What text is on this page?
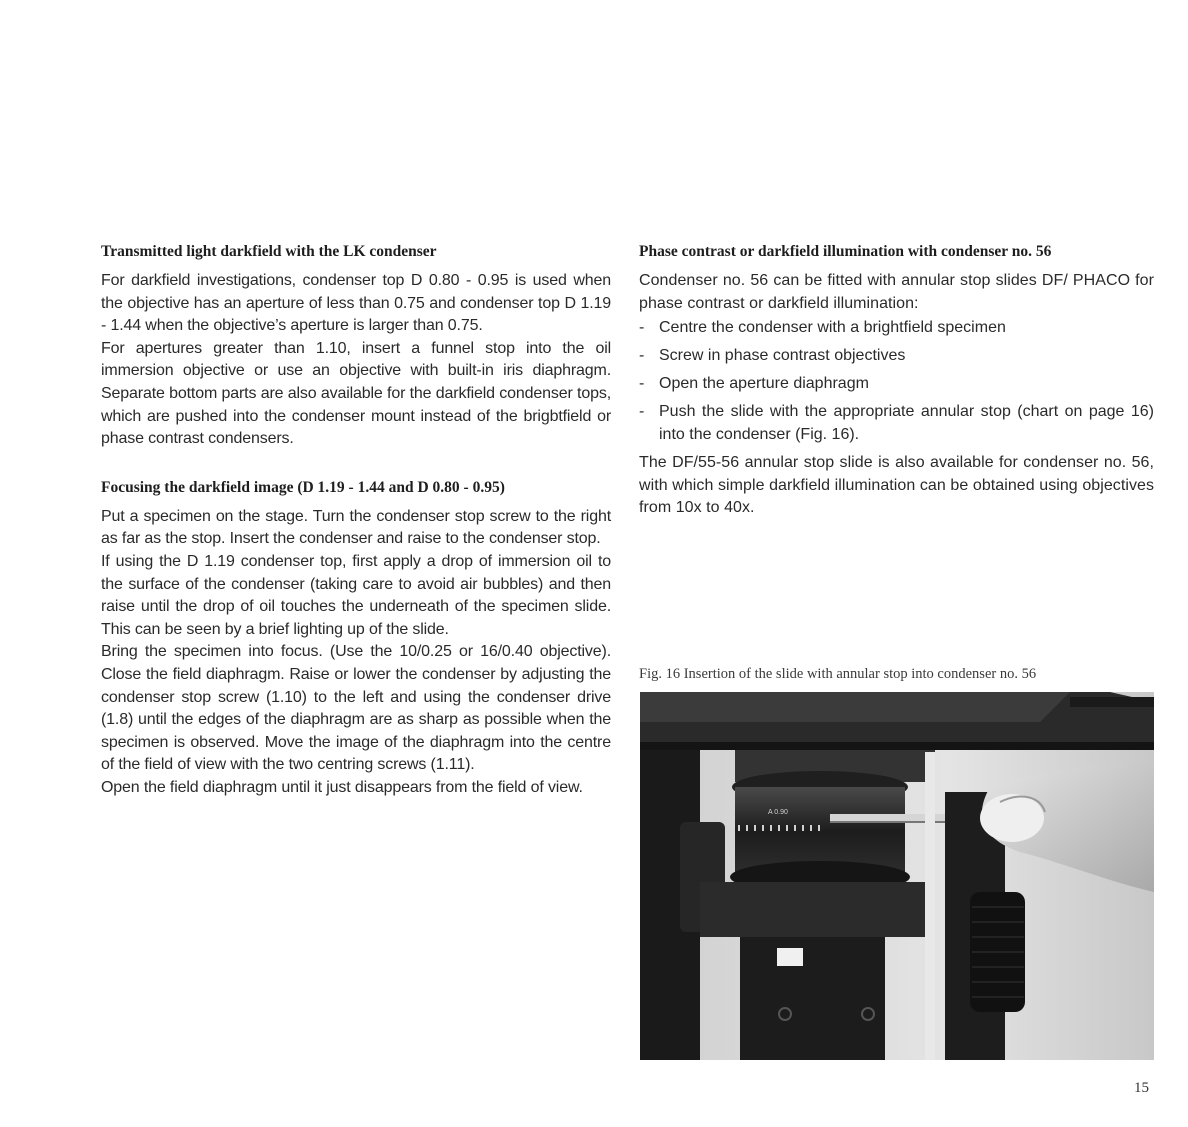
Transmitted light darkfield with the LK condenser

For darkfield investigations, condenser top D 0.80 - 0.95 is used when the objective has an aperture of less than 0.75 and condenser top D 1.19 - 1.44 when the objective’s aperture is larger than 0.75.

For apertures greater than 1.10, insert a funnel stop into the oil immersion objective or use an objective with built-in iris diaphragm. Separate bottom parts are also available for the darkfield condenser tops, which are pushed into the condenser mount instead of the brigbtfield or phase contrast condensers.

Focusing the darkfield image (D 1.19 - 1.44 and D 0.80 - 0.95)

Put a specimen on the stage. Turn the condenser stop screw to the right as far as the stop. Insert the condenser and raise to the condenser stop.

If using the D 1.19 condenser top, first apply a drop of immersion oil to the surface of the condenser (taking care to avoid air bubbles) and then raise until the drop of oil touches the underneath of the specimen slide. This can be seen by a brief lighting up of the slide.

Bring the specimen into focus. (Use the 10/0.25 or 16/0.40 objective). Close the field diaphragm. Raise or lower the condenser by adjusting the condenser stop screw (1.10) to the left and using the condenser drive (1.8) until the edges of the diaphragm are as sharp as possible when the specimen is observed. Move the image of the diaphragm into the centre of the field of view with the two centring screws (1.11).

Open the field diaphragm until it just disappears from the field of view.

Phase contrast or darkfield illumination with condenser no. 56

Condenser no. 56 can be fitted with annular stop slides DF/ PHACO for phase contrast or darkfield illumination:

- Centre the condenser with a brightfield specimen
- Screw in phase contrast objectives
- Open the aperture diaphragm
- Push the slide with the appropriate annular stop (chart on page 16) into the condenser (Fig. 16).

The DF/55-56 annular stop slide is also available for condenser no. 56, with which simple darkfield illumination can be obtained using objectives from 10x to 40x.

Fig. 16 Insertion of the slide with annular stop into condenser no. 56
A 0.90
15
